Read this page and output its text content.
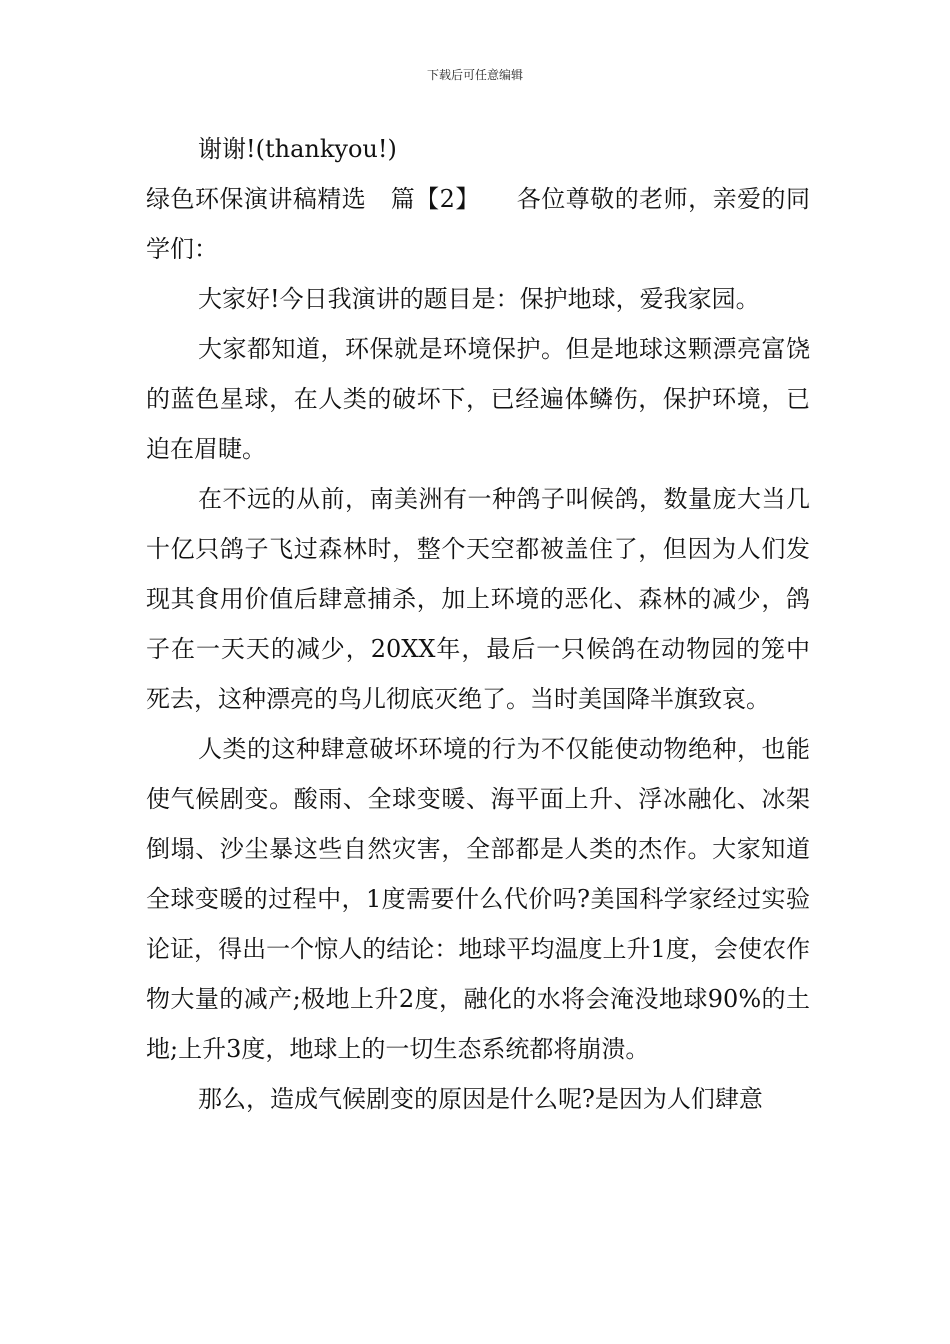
下载后可任意编辑

谢谢!(thankyou!)

绿色环保演讲稿精选　篇【2】　　各位尊敬的老师，亲爱的同学们：

大家好!今日我演讲的题目是：保护地球，爱我家园。

大家都知道，环保就是环境保护。但是地球这颗漂亮富饶的蓝色星球，在人类的破坏下，已经遍体鳞伤，保护环境，已迫在眉睫。

在不远的从前，南美洲有一种鸽子叫候鸽，数量庞大当几十亿只鸽子飞过森林时，整个天空都被盖住了，但因为人们发现其食用价值后肆意捕杀，加上环境的恶化、森林的减少，鸽子在一天天的减少，20XX年，最后一只候鸽在动物园的笼中死去，这种漂亮的鸟儿彻底灭绝了。当时美国降半旗致哀。

人类的这种肆意破坏环境的行为不仅能使动物绝种，也能使气候剧变。酸雨、全球变暖、海平面上升、浮冰融化、冰架倒塌、沙尘暴这些自然灾害，全部都是人类的杰作。大家知道全球变暖的过程中，1度需要什么代价吗?美国科学家经过实验论证，得出一个惊人的结论：地球平均温度上升1度，会使农作物大量的减产;极地上升2度，融化的水将会淹没地球90%的土地;上升3度，地球上的一切生态系统都将崩溃。

那么，造成气候剧变的原因是什么呢?是因为人们肆意
